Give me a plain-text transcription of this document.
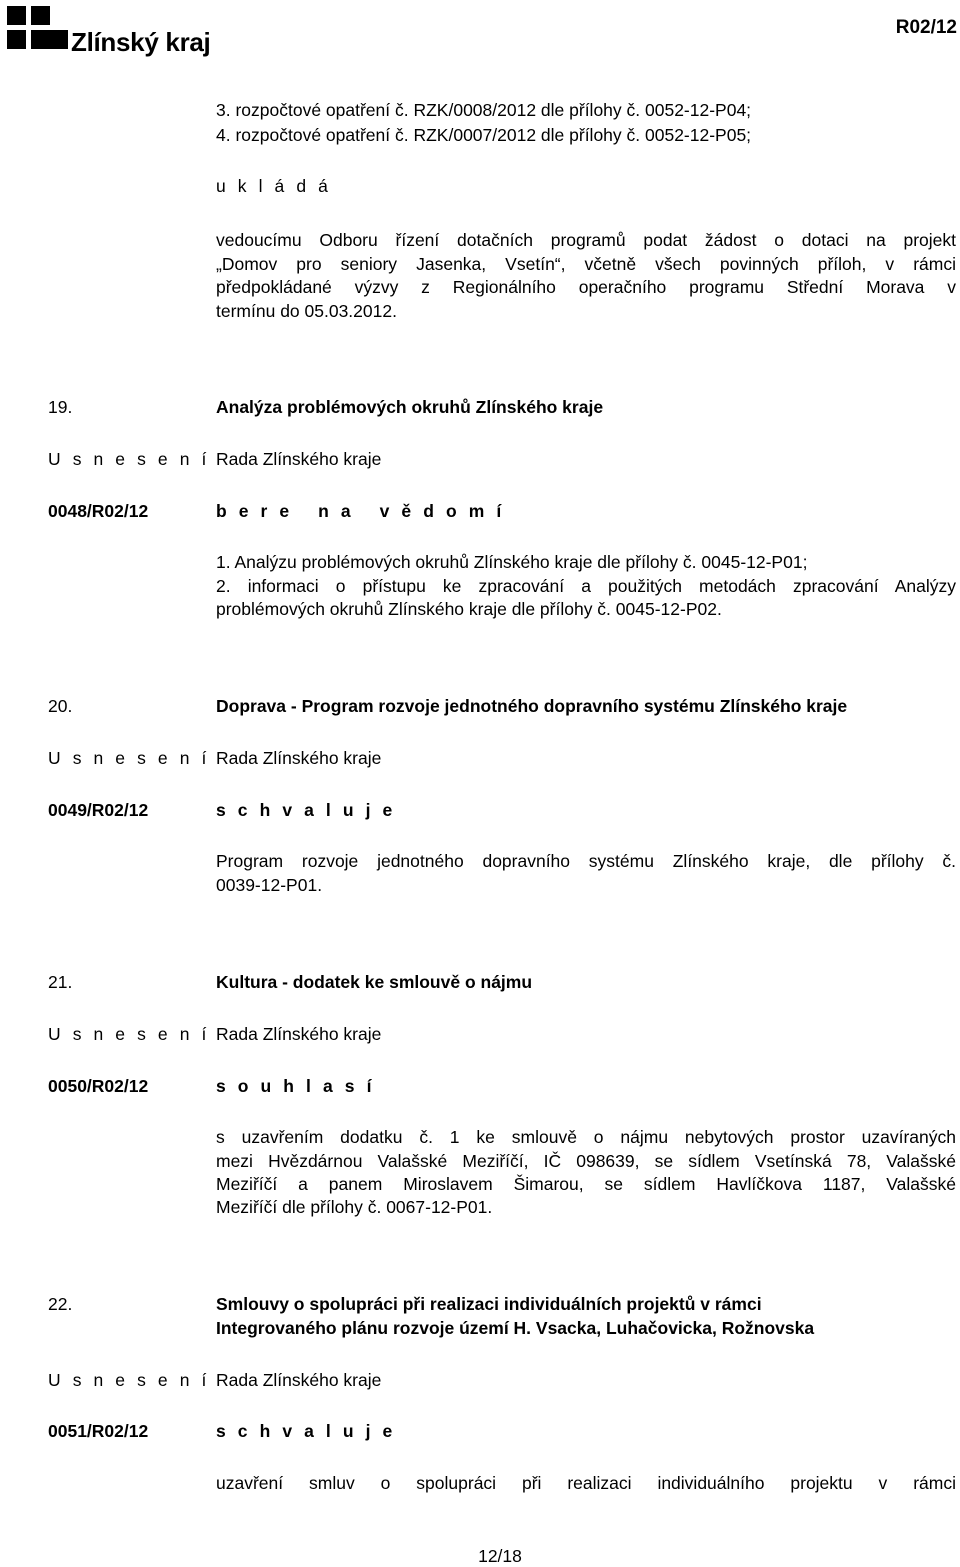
Zlínský kraj	R02/12
3. rozpočtové opatření č. RZK/0008/2012 dle přílohy č. 0052-12-P04;
4. rozpočtové opatření č. RZK/0007/2012 dle přílohy č. 0052-12-P05;
u k l á d á
vedoucímu Odboru řízení dotačních programů podat žádost o dotaci na projekt
„Domov pro seniory Jasenka, Vsetín“, včetně všech povinných příloh, v rámci
předpokládané výzvy z Regionálního operačního programu Střední Morava v
termínu do 05.03.2012.
19.	Analýza problémových okruhů Zlínského kraje
U s n e s e n í Rada Zlínského kraje
0048/R02/12	b e r e   n a   v ě d o m í
1. Analýzu problémových okruhů Zlínského kraje dle přílohy č. 0045-12-P01;
2. informaci o přístupu ke zpracování a použitých metodách zpracování Analýzy
problémových okruhů Zlínského kraje dle přílohy č. 0045-12-P02.
20.	Doprava - Program rozvoje jednotného dopravního systému Zlínského kraje
U s n e s e n í Rada Zlínského kraje
0049/R02/12	s c h v a l u j e
Program rozvoje jednotného dopravního systému Zlínského kraje, dle přílohy č.
0039-12-P01.
21.	Kultura - dodatek ke smlouvě o nájmu
U s n e s e n í Rada Zlínského kraje
0050/R02/12	s o u h l a s í
s uzavřením dodatku č. 1 ke smlouvě o nájmu nebytových prostor uzavíraných
mezi Hvězdárnou Valašské Meziříčí, IČ 098639, se sídlem Vsetínská 78, Valašské
Meziříčí a panem Miroslavem Šimarou, se sídlem Havlíčkova 1187, Valašské
Meziříčí dle přílohy č. 0067-12-P01.
22.	Smlouvy o spolupráci při realizaci individuálních projektů v rámci
Integrovaného plánu rozvoje území H. Vsacka, Luhačovicka, Rožnovska
U s n e s e n í Rada Zlínského kraje
0051/R02/12	s c h v a l u j e
uzavření smluv o spolupráci při realizaci individuálního projektu v rámci
12/18
